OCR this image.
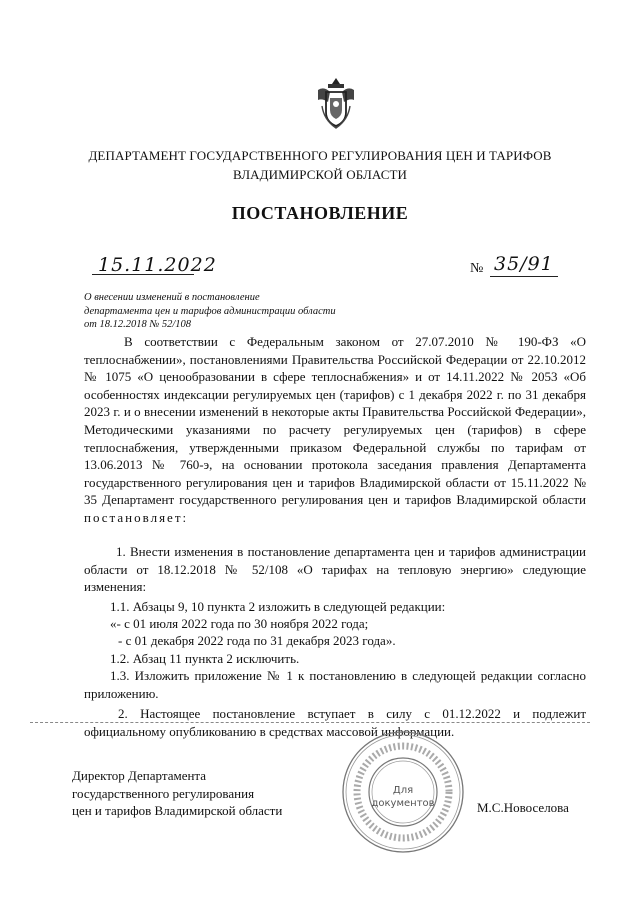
ДЕПАРТАМЕНТ ГОСУДАРСТВЕННОГО РЕГУЛИРОВАНИЯ ЦЕН И ТАРИФОВ
ВЛАДИМИРСКОЙ ОБЛАСТИ
ПОСТАНОВЛЕНИЕ
15.11.2022	№ 35/91
О внесении изменений в постановление
департамента цен и тарифов администрации области
от 18.12.2018 № 52/108
В соответствии с Федеральным законом от 27.07.2010 № 190-ФЗ «О теплоснабжении», постановлениями Правительства Российской Федерации от 22.10.2012 № 1075 «О ценообразовании в сфере теплоснабжения» и от 14.11.2022 № 2053 «Об особенностях индексации регулируемых цен (тарифов) с 1 декабря 2022 г. по 31 декабря 2023 г. и о внесении изменений в некоторые акты Правительства Российской Федерации», Методическими указаниями по расчету регулируемых цен (тарифов) в сфере теплоснабжения, утвержденными приказом Федеральной службы по тарифам от 13.06.2013 № 760-э, на основании протокола заседания правления Департамента государственного регулирования цен и тарифов Владимирской области от 15.11.2022 № 35 Департамент государственного регулирования цен и тарифов Владимирской области постановляет:
1. Внести изменения в постановление департамента цен и тарифов администрации области от 18.12.2018 № 52/108 «О тарифах на тепловую энергию» следующие изменения:
1.1. Абзацы 9, 10 пункта 2 изложить в следующей редакции:
«- с 01 июля 2022 года по 30 ноября 2022 года;
- с 01 декабря 2022 года по 31 декабря 2023 года».
1.2. Абзац 11 пункта 2 исключить.
1.3. Изложить приложение № 1 к постановлению в следующей редакции согласно приложению.
2. Настоящее постановление вступает в силу с 01.12.2022 и подлежит официальному опубликованию в средствах массовой информации.
Директор Департамента
государственного регулирования
цен и тарифов Владимирской области
Для
документов	М.С.Новоселова
